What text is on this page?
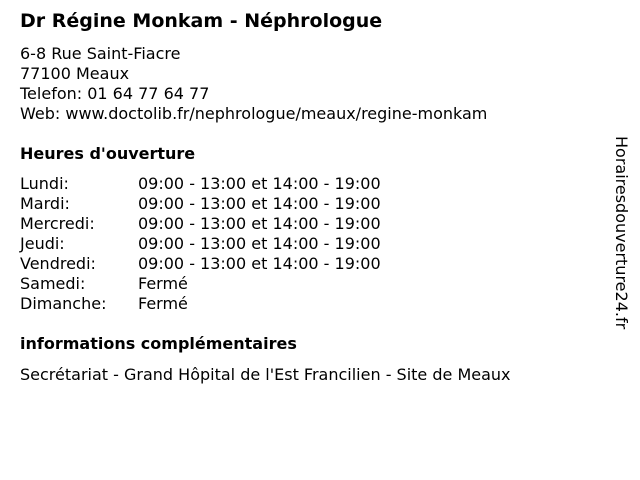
Dr Régine Monkam - Néphrologue
6-8 Rue Saint-Fiacre
77100 Meaux
Telefon: 01 64 77 64 77
Web: www.doctolib.fr/nephrologue/meaux/regine-monkam
Heures d'ouverture
Lundi:	09:00 - 13:00 et 14:00 - 19:00
Mardi:	09:00 - 13:00 et 14:00 - 19:00
Mercredi:	09:00 - 13:00 et 14:00 - 19:00
Jeudi:	09:00 - 13:00 et 14:00 - 19:00
Vendredi:	09:00 - 13:00 et 14:00 - 19:00
Samedi:	Fermé
Dimanche: Fermé
informations complémentaires
Secrétariat - Grand Hôpital de l'Est Francilien - Site de Meaux
Horairesdouverture24.fr
